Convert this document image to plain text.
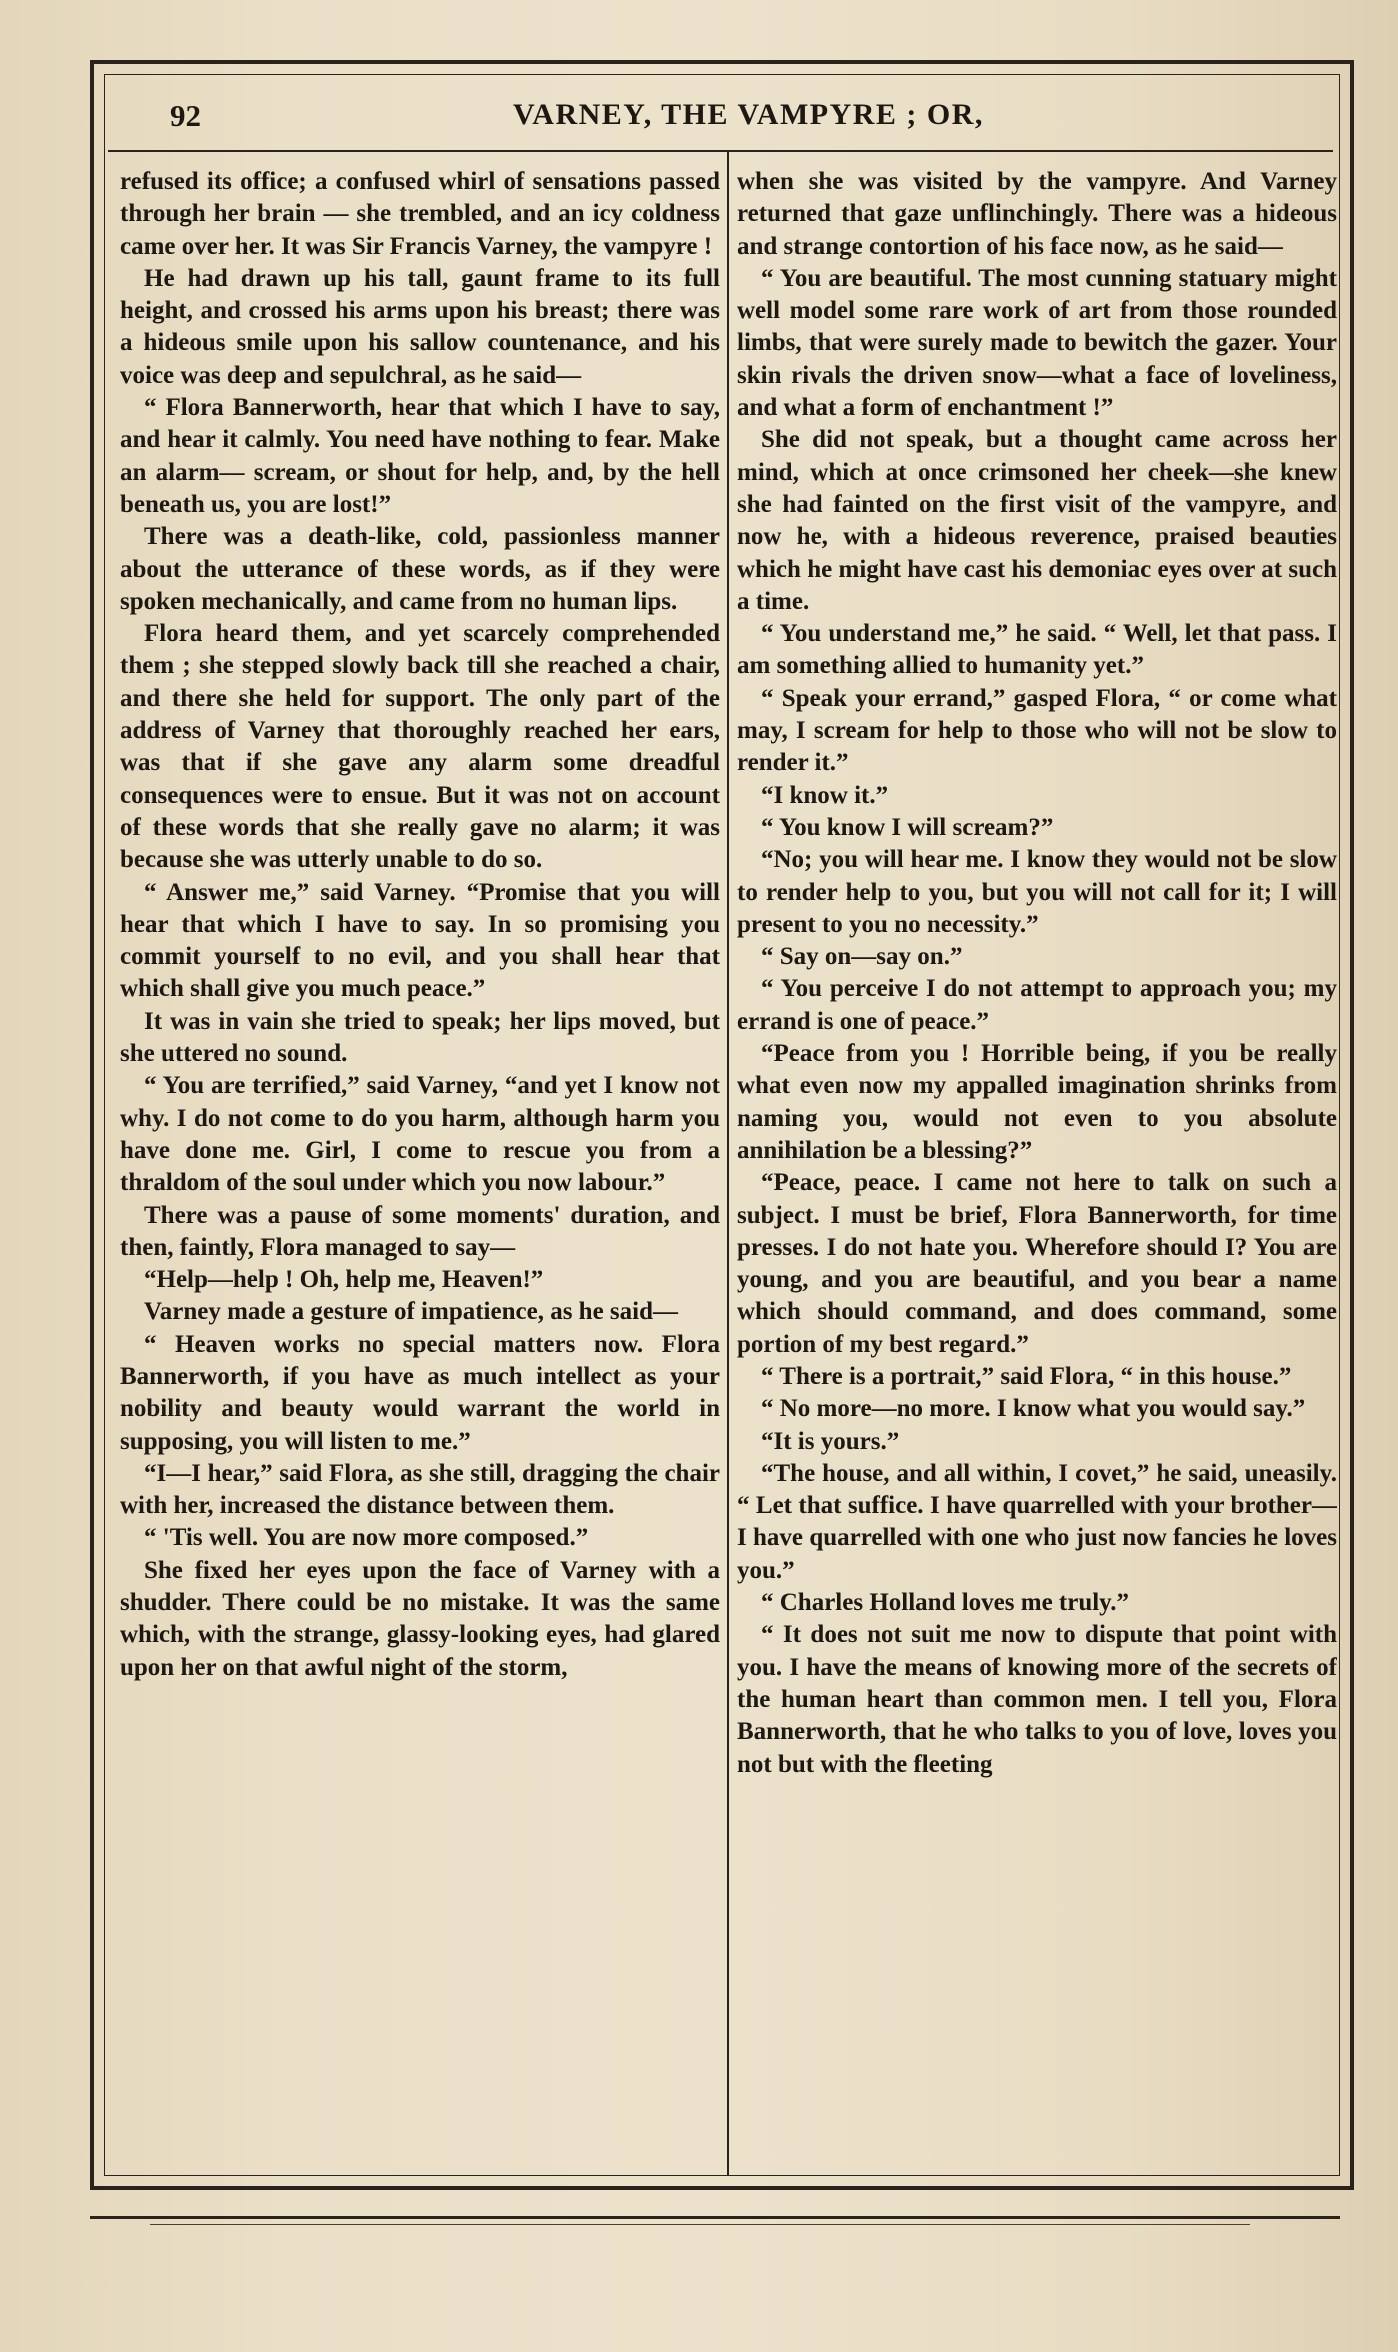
92	VARNEY, THE VAMPYRE ; OR,

refused its office; a confused whirl of sensations passed through her brain — she trembled, and an icy coldness came over her. It was Sir Francis Varney, the vampyre !

He had drawn up his tall, gaunt frame to its full height, and crossed his arms upon his breast; there was a hideous smile upon his sallow countenance, and his voice was deep and sepulchral, as he said—

“ Flora Bannerworth, hear that which I have to say, and hear it calmly. You need have nothing to fear. Make an alarm— scream, or shout for help, and, by the hell beneath us, you are lost!”

There was a death-like, cold, passionless manner about the utterance of these words, as if they were spoken mechanically, and came from no human lips.

Flora heard them, and yet scarcely comprehended them ; she stepped slowly back till she reached a chair, and there she held for support. The only part of the address of Varney that thoroughly reached her ears, was that if she gave any alarm some dreadful consequences were to ensue. But it was not on account of these words that she really gave no alarm; it was because she was utterly unable to do so.

“ Answer me,” said Varney. “Promise that you will hear that which I have to say. In so promising you commit yourself to no evil, and you shall hear that which shall give you much peace.”

It was in vain she tried to speak; her lips moved, but she uttered no sound.

“ You are terrified,” said Varney, “and yet I know not why. I do not come to do you harm, although harm you have done me. Girl, I come to rescue you from a thraldom of the soul under which you now labour.”

There was a pause of some moments' duration, and then, faintly, Flora managed to say—

“Help—help ! Oh, help me, Heaven!”

Varney made a gesture of impatience, as he said—

“ Heaven works no special matters now. Flora Bannerworth, if you have as much intellect as your nobility and beauty would warrant the world in supposing, you will listen to me.”

“I—I hear,” said Flora, as she still, dragging the chair with her, increased the distance between them.

“ 'Tis well. You are now more composed.”

She fixed her eyes upon the face of Varney with a shudder. There could be no mistake. It was the same which, with the strange, glassy-looking eyes, had glared upon her on that awful night of the storm,

when she was visited by the vampyre. And Varney returned that gaze unflinchingly. There was a hideous and strange contortion of his face now, as he said—

“ You are beautiful. The most cunning statuary might well model some rare work of art from those rounded limbs, that were surely made to bewitch the gazer. Your skin rivals the driven snow—what a face of loveliness, and what a form of enchantment !”

She did not speak, but a thought came across her mind, which at once crimsoned her cheek—she knew she had fainted on the first visit of the vampyre, and now he, with a hideous reverence, praised beauties which he might have cast his demoniac eyes over at such a time.

“ You understand me,” he said. “ Well, let that pass. I am something allied to humanity yet.”

“ Speak your errand,” gasped Flora, “ or come what may, I scream for help to those who will not be slow to render it.”

“I know it.”

“ You know I will scream?”

“No; you will hear me. I know they would not be slow to render help to you, but you will not call for it; I will present to you no necessity.”

“ Say on—say on.”

“ You perceive I do not attempt to approach you; my errand is one of peace.”

“Peace from you ! Horrible being, if you be really what even now my appalled imagination shrinks from naming you, would not even to you absolute annihilation be a blessing?”

“Peace, peace. I came not here to talk on such a subject. I must be brief, Flora Bannerworth, for time presses. I do not hate you. Wherefore should I? You are young, and you are beautiful, and you bear a name which should command, and does command, some portion of my best regard.”

“ There is a portrait,” said Flora, “ in this house.”

“ No more—no more. I know what you would say.”

“It is yours.”

“The house, and all within, I covet,” he said, uneasily. “ Let that suffice. I have quarrelled with your brother—I have quarrelled with one who just now fancies he loves you.”

“ Charles Holland loves me truly.”

“ It does not suit me now to dispute that point with you. I have the means of knowing more of the secrets of the human heart than common men. I tell you, Flora Bannerworth, that he who talks to you of love, loves you not but with the fleeting
